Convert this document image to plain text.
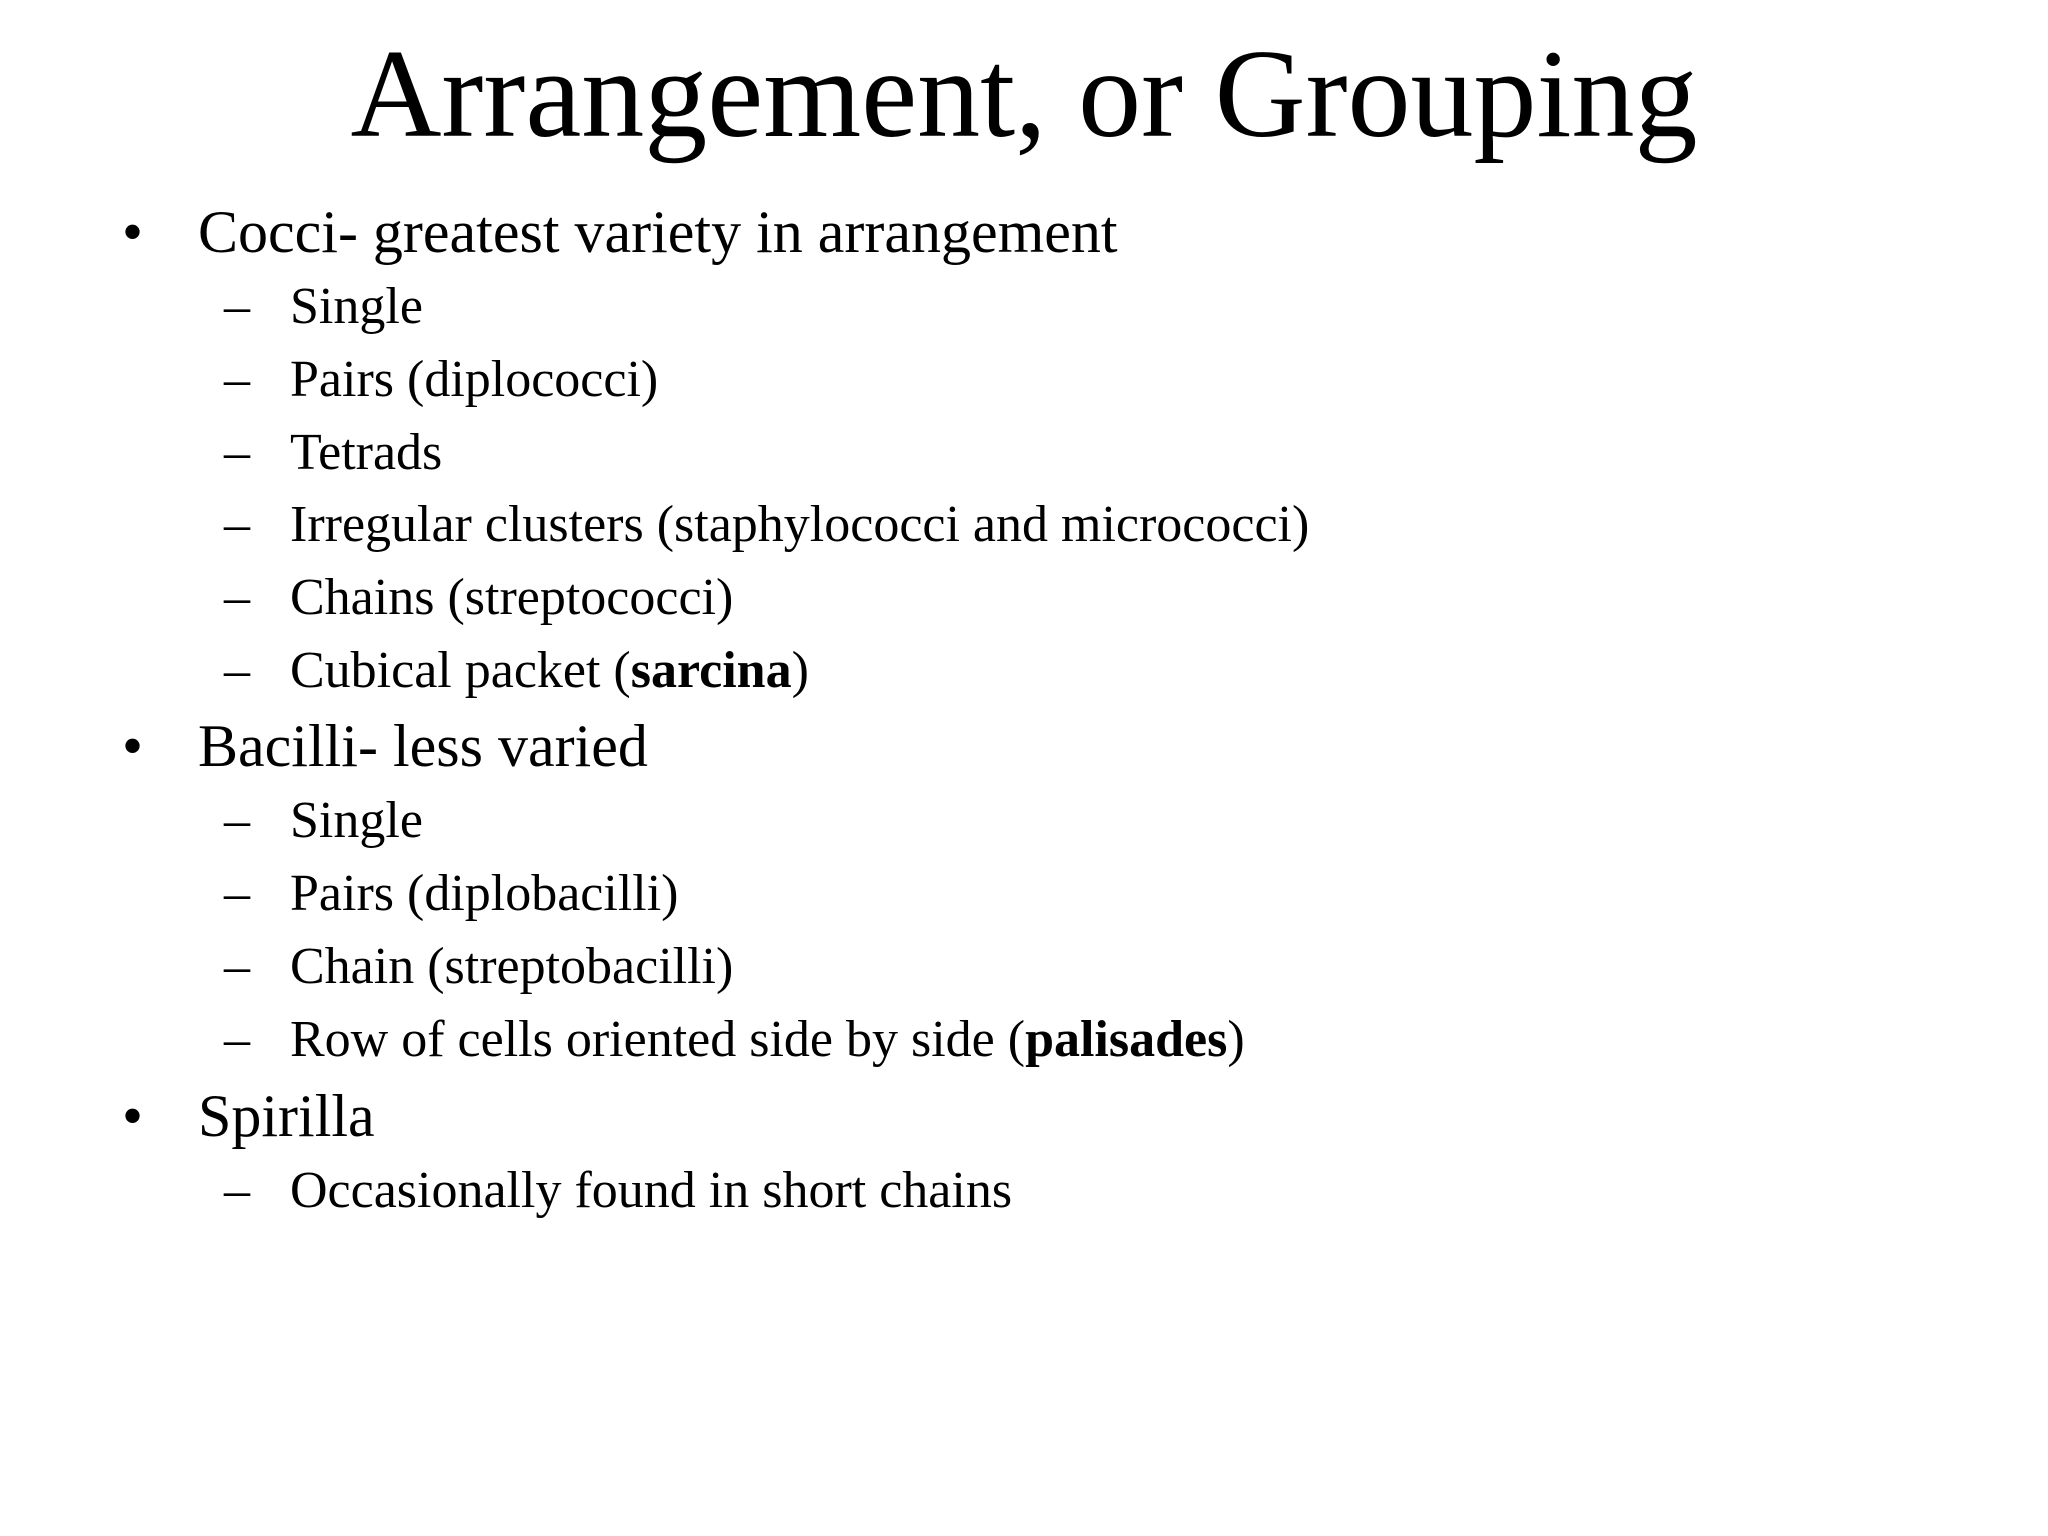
Arrangement, or Grouping
• Cocci- greatest variety in arrangement
– Single
– Pairs (diplococci)
– Tetrads
– Irregular clusters (staphylococci and micrococci)
– Chains (streptococci)
– Cubical packet (sarcina)
• Bacilli- less varied
– Single
– Pairs (diplobacilli)
– Chain (streptobacilli)
– Row of cells oriented side by side (palisades)
• Spirilla
– Occasionally found in short chains
